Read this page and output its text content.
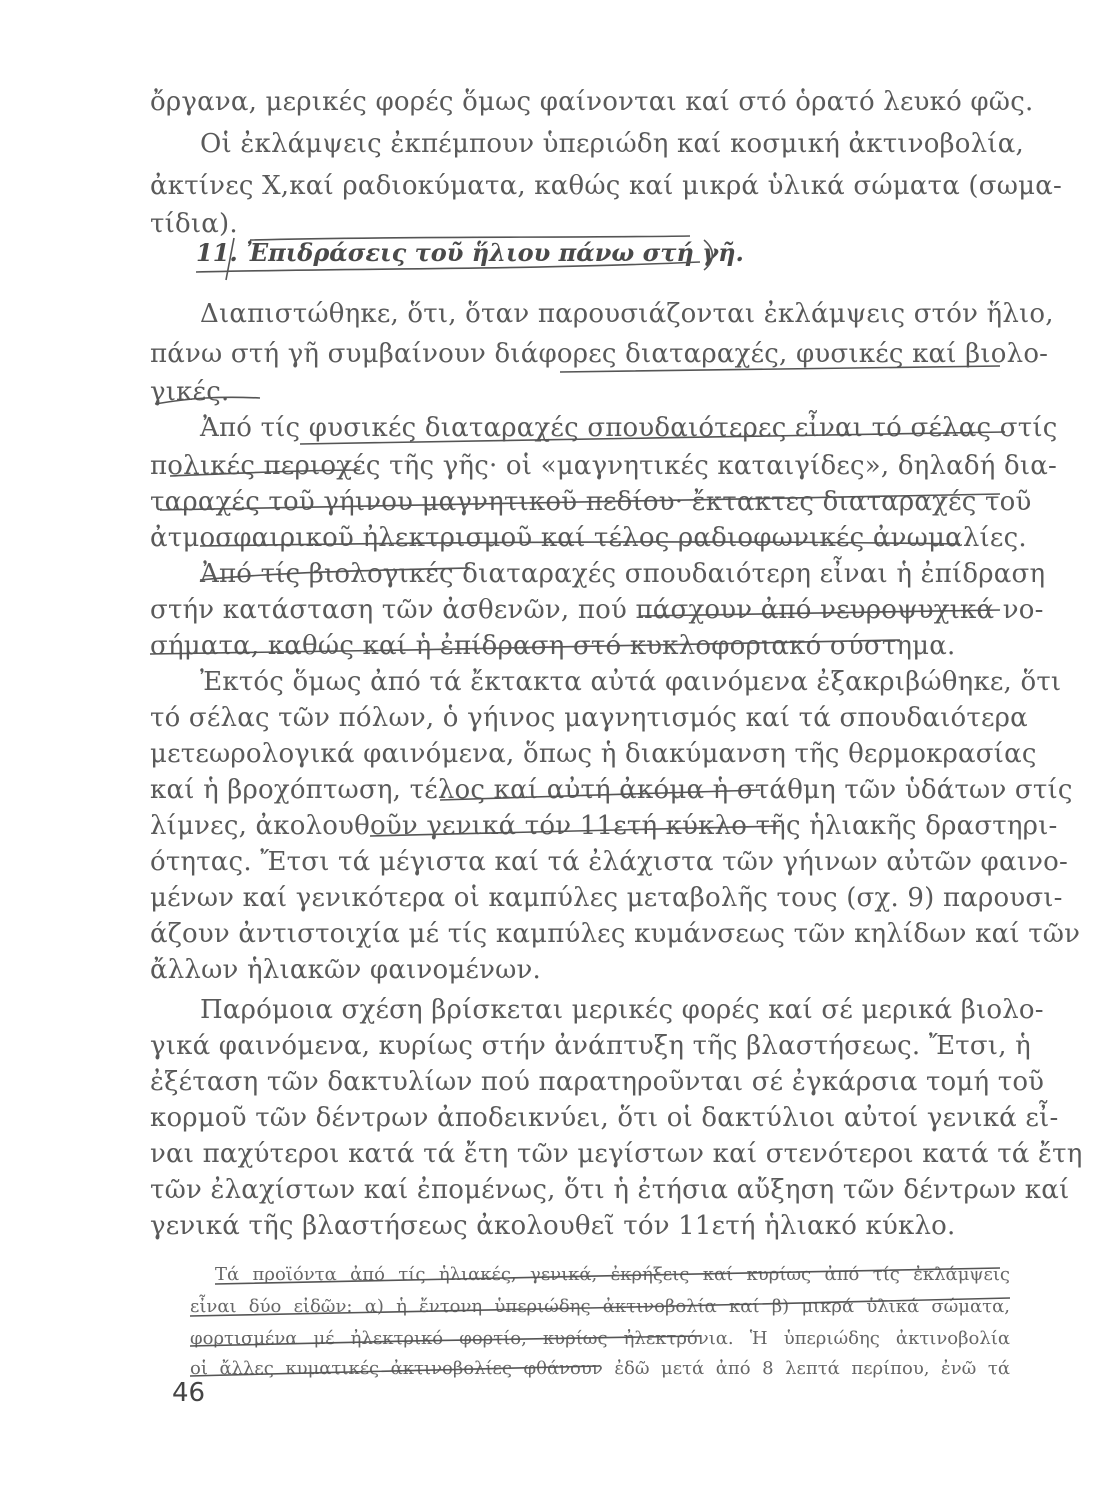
ὄργανα, μερικές φορές ὅμως φαίνονται καί στό ὁρατό λευκό φῶς.
Οἱ ἐκλάμψεις ἐκπέμπουν ὑπεριώδη καί κοσμική ἀκτινοβολία,
ἀκτίνες Χ,καί ραδιοκύματα, καθώς καί μικρά ὑλικά σώματα (σωμα-
τίδια).
11. Ἐπιδράσεις τοῦ ἥλιου πάνω στή γῆ.
Διαπιστώθηκε, ὅτι, ὅταν παρουσιάζονται ἐκλάμψεις στόν ἥλιο,
πάνω στή γῆ συμβαίνουν διάφορες διαταραχές, φυσικές καί βιολο-
γικές.
Ἀπό τίς φυσικές διαταραχές σπουδαιότερες εἶναι τό σέλας στίς
πολικές περιοχές τῆς γῆς· οἱ «μαγνητικές καταιγίδες», δηλαδή δια-
ταραχές τοῦ γήινου μαγνητικοῦ πεδίου· ἔκτακτες διαταραχές τοῦ
ἀτμοσφαιρικοῦ ἠλεκτρισμοῦ καί τέλος ραδιοφωνικές ἀνωμαλίες.
Ἀπό τίς βιολογικές διαταραχές σπουδαιότερη εἶναι ἡ ἐπίδραση
στήν κατάσταση τῶν ἀσθενῶν, πού πάσχουν ἀπό νευροψυχικά νο-
σήματα, καθώς καί ἡ ἐπίδραση στό κυκλοφοριακό σύστημα.
Ἐκτός ὅμως ἀπό τά ἔκτακτα αὐτά φαινόμενα ἐξακριβώθηκε, ὅτι
τό σέλας τῶν πόλων, ὁ γήινος μαγνητισμός καί τά σπουδαιότερα
μετεωρολογικά φαινόμενα, ὅπως ἡ διακύμανση τῆς θερμοκρασίας
καί ἡ βροχόπτωση, τέλος καί αὐτή ἀκόμα ἡ στάθμη τῶν ὑδάτων στίς
λίμνες, ἀκολουθοῦν γενικά τόν 11ετή κύκλο τῆς ἡλιακῆς δραστηρι-
ότητας. Ἔτσι τά μέγιστα καί τά ἐλάχιστα τῶν γήινων αὐτῶν φαινο-
μένων καί γενικότερα οἱ καμπύλες μεταβολῆς τους (σχ. 9) παρουσι-
άζουν ἀντιστοιχία μέ τίς καμπύλες κυμάνσεως τῶν κηλίδων καί τῶν
ἄλλων ἡλιακῶν φαινομένων.
Παρόμοια σχέση βρίσκεται μερικές φορές καί σέ μερικά βιολο-
γικά φαινόμενα, κυρίως στήν ἀνάπτυξη τῆς βλαστήσεως. Ἔτσι, ἡ
ἐξέταση τῶν δακτυλίων πού παρατηροῦνται σέ ἐγκάρσια τομή τοῦ
κορμοῦ τῶν δέντρων ἀποδεικνύει, ὅτι οἱ δακτύλιοι αὐτοί γενικά εἶ-
ναι παχύτεροι κατά τά ἔτη τῶν μεγίστων καί στενότεροι κατά τά ἔτη
τῶν ἐλαχίστων καί ἐπομένως, ὅτι ἡ ἐτήσια αὔξηση τῶν δέντρων καί
γενικά τῆς βλαστήσεως ἀκολουθεῖ τόν 11ετή ἡλιακό κύκλο.
Τά προϊόντα ἀπό τίς ἡλιακές, γενικά, ἐκρήξεις καί κυρίως ἀπό τίς ἐκλάμψεις
εἶναι δύο εἰδῶν: α) ἡ ἔντονη ὑπεριώδης ἀκτινοβολία καί β) μικρά ὑλικά σώματα,
φορτισμένα μέ ἠλεκτρικό φορτίο, κυρίως ἠλεκτρόνια. Ἡ ὑπεριώδης ἀκτινοβολία
οἱ ἄλλες κυματικές ἀκτινοβολίες φθάνουν ἐδῶ μετά ἀπό 8 λεπτά περίπου, ἐνῶ τά
46
